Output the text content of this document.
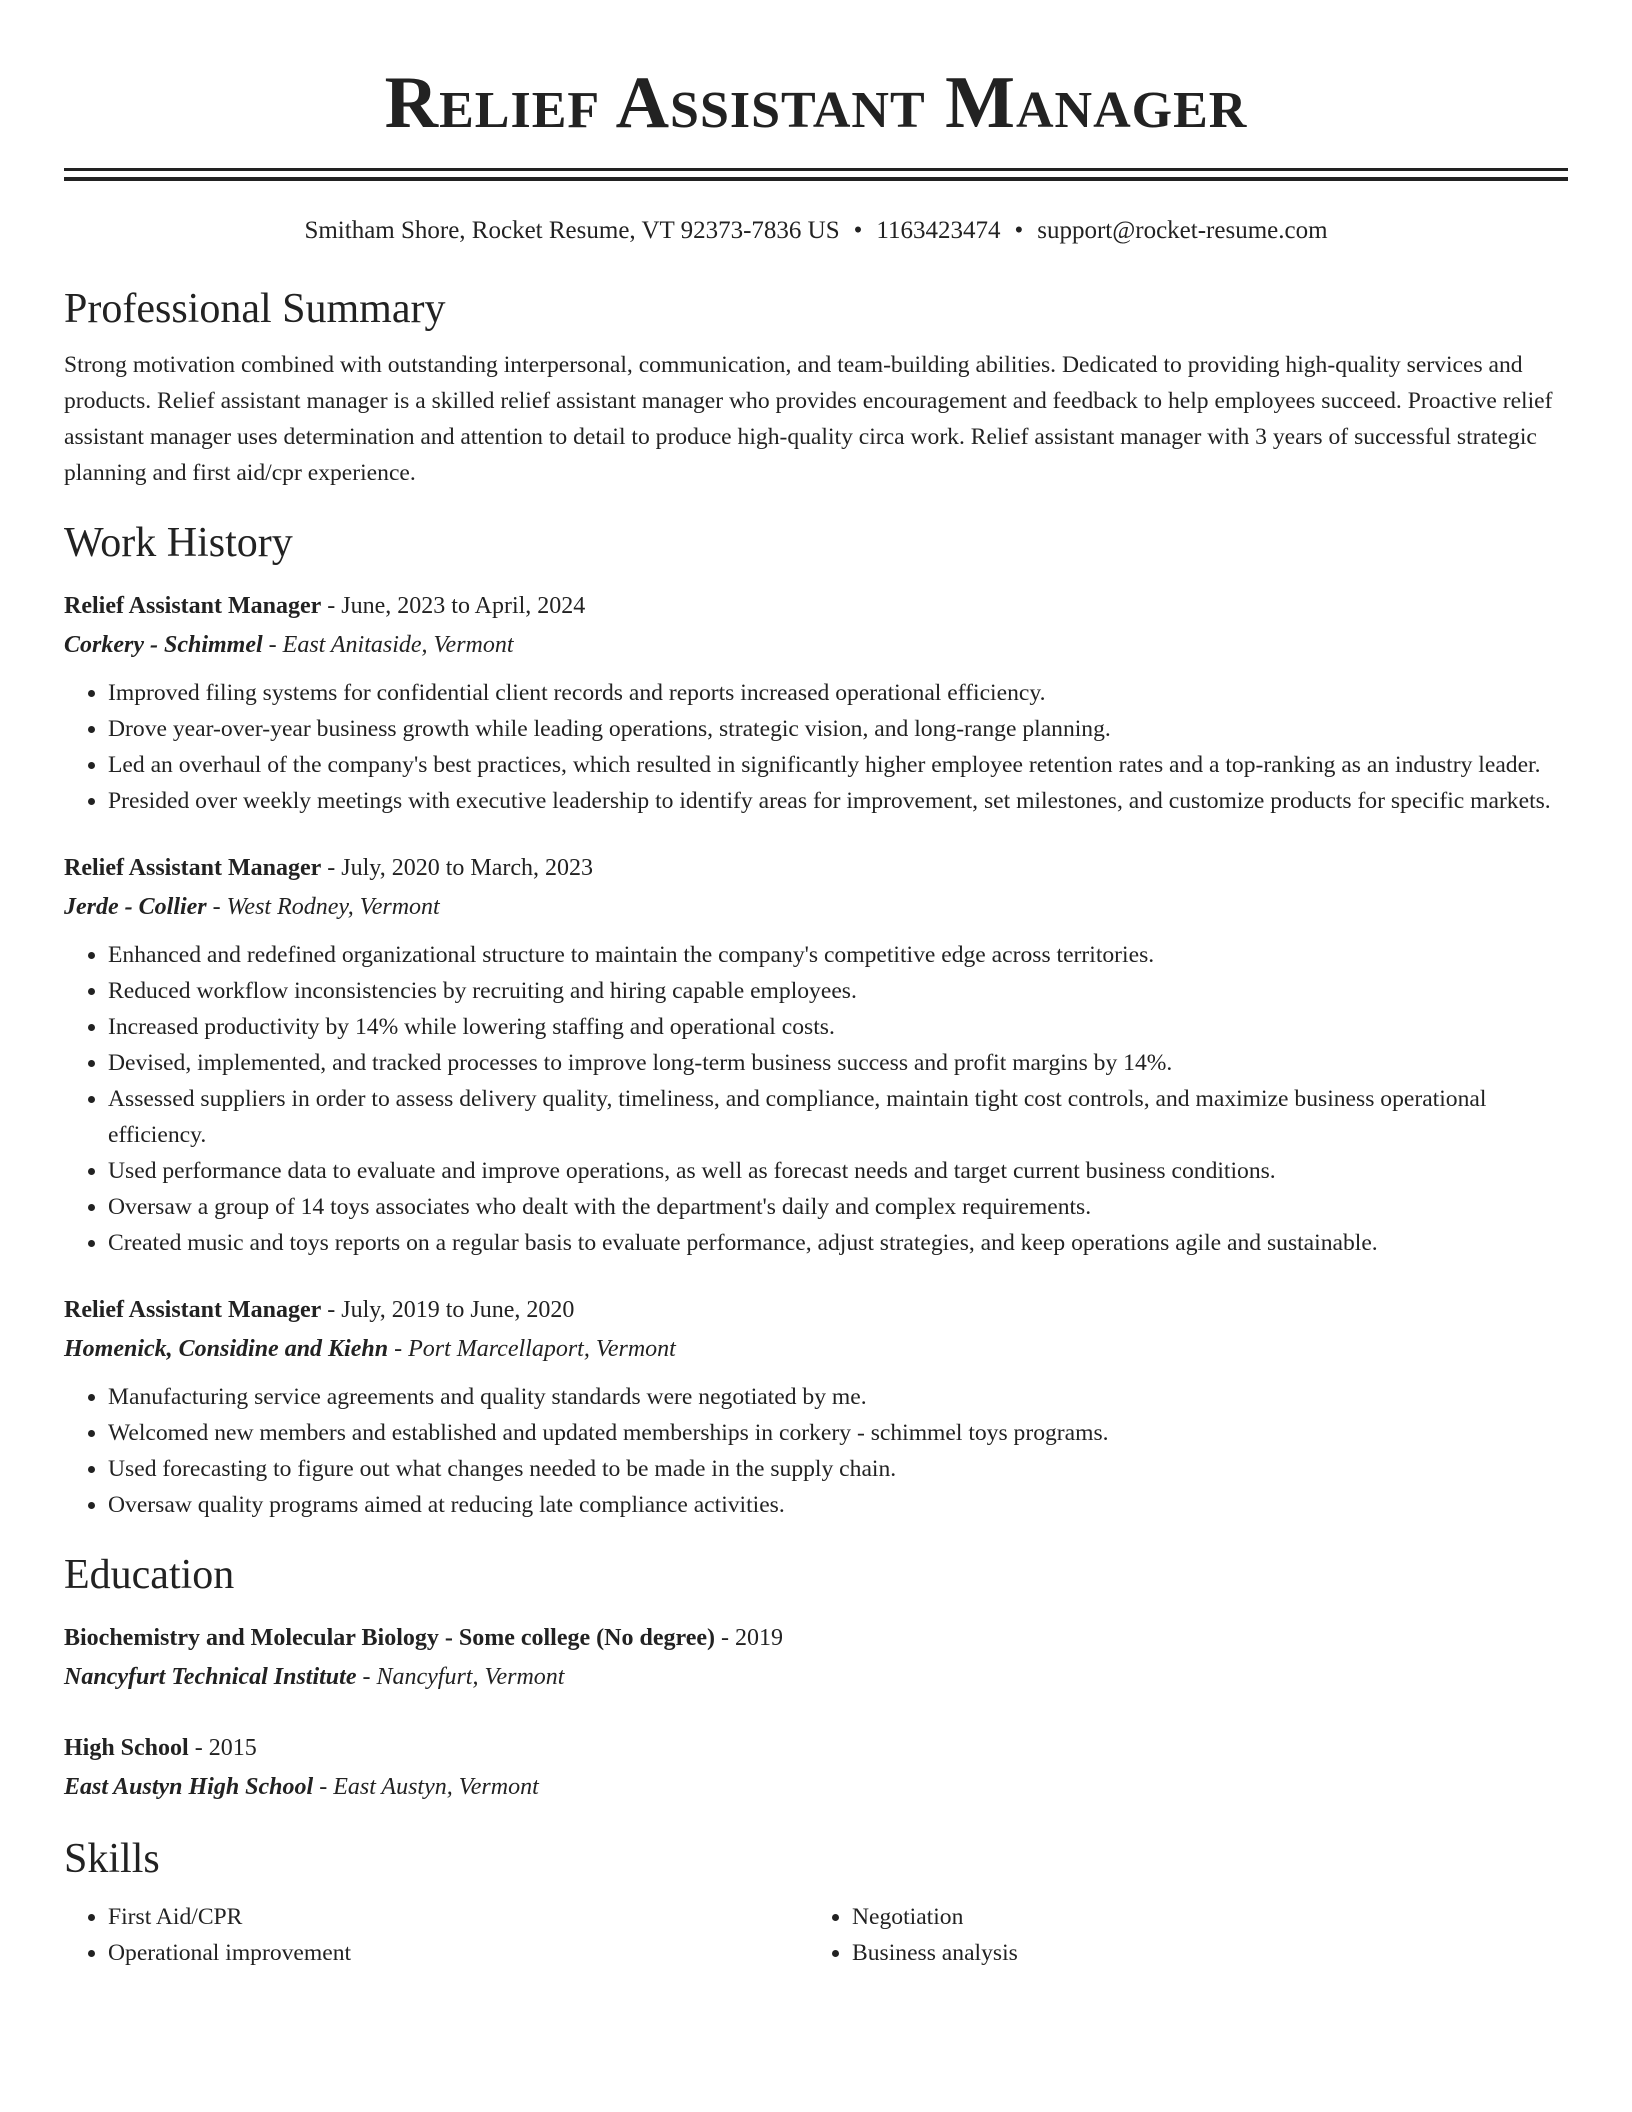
Relief Assistant Manager
Smitham Shore, Rocket Resume, VT 92373-7836 US • 1163423474 • support@rocket-resume.com
Professional Summary
Strong motivation combined with outstanding interpersonal, communication, and team-building abilities. Dedicated to providing high-quality services and products. Relief assistant manager is a skilled relief assistant manager who provides encouragement and feedback to help employees succeed. Proactive relief assistant manager uses determination and attention to detail to produce high-quality circa work. Relief assistant manager with 3 years of successful strategic planning and first aid/cpr experience.
Work History
Relief Assistant Manager - June, 2023 to April, 2024
Corkery - Schimmel - East Anitaside, Vermont
• Improved filing systems for confidential client records and reports increased operational efficiency.
• Drove year-over-year business growth while leading operations, strategic vision, and long-range planning.
• Led an overhaul of the company's best practices, which resulted in significantly higher employee retention rates and a top-ranking as an industry leader.
• Presided over weekly meetings with executive leadership to identify areas for improvement, set milestones, and customize products for specific markets.
Relief Assistant Manager - July, 2020 to March, 2023
Jerde - Collier - West Rodney, Vermont
• Enhanced and redefined organizational structure to maintain the company's competitive edge across territories.
• Reduced workflow inconsistencies by recruiting and hiring capable employees.
• Increased productivity by 14% while lowering staffing and operational costs.
• Devised, implemented, and tracked processes to improve long-term business success and profit margins by 14%.
• Assessed suppliers in order to assess delivery quality, timeliness, and compliance, maintain tight cost controls, and maximize business operational efficiency.
• Used performance data to evaluate and improve operations, as well as forecast needs and target current business conditions.
• Oversaw a group of 14 toys associates who dealt with the department's daily and complex requirements.
• Created music and toys reports on a regular basis to evaluate performance, adjust strategies, and keep operations agile and sustainable.
Relief Assistant Manager - July, 2019 to June, 2020
Homenick, Considine and Kiehn - Port Marcellaport, Vermont
• Manufacturing service agreements and quality standards were negotiated by me.
• Welcomed new members and established and updated memberships in corkery - schimmel toys programs.
• Used forecasting to figure out what changes needed to be made in the supply chain.
• Oversaw quality programs aimed at reducing late compliance activities.
Education
Biochemistry and Molecular Biology - Some college (No degree) - 2019
Nancyfurt Technical Institute - Nancyfurt, Vermont
High School - 2015
East Austyn High School - East Austyn, Vermont
Skills
• First Aid/CPR
• Operational improvement
• Negotiation
• Business analysis
